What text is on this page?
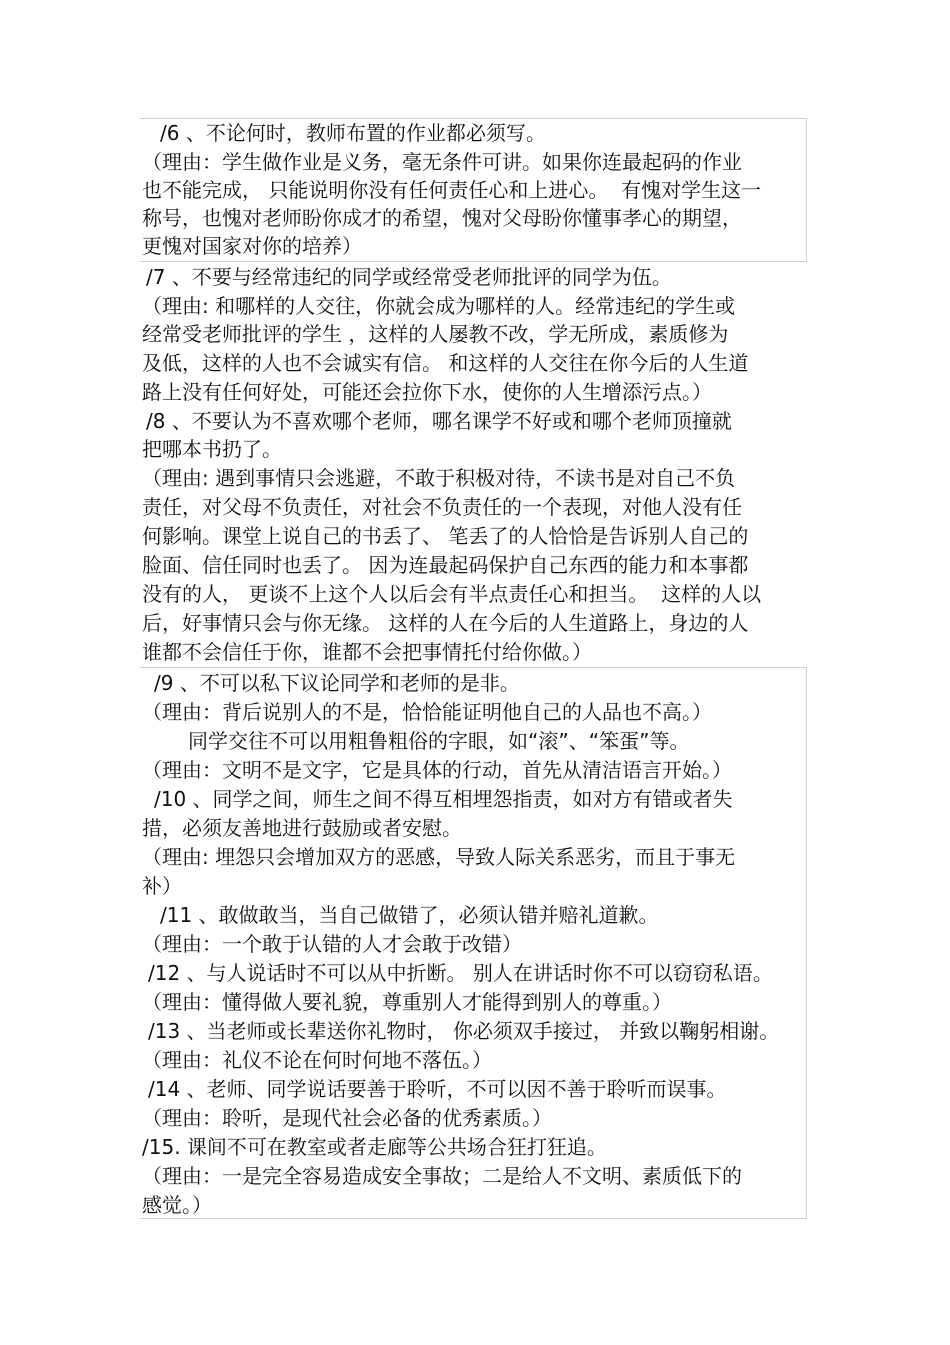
/6 、不论何时，教师布置的作业都必须写。
（理由：学生做作业是义务，毫无条件可讲。如果你连最起码的作业
也不能完成， 只能说明你没有任何责任心和上进心。  有愧对学生这一
称号，也愧对老师盼你成才的希望，愧对父母盼你懂事孝心的期望，
更愧对国家对你的培养）
/7 、不要与经常违纪的同学或经常受老师批评的同学为伍。
（理由: 和哪样的人交往，你就会成为哪样的人。经常违纪的学生或
经常受老师批评的学生 ，这样的人屡教不改，学无所成，素质修为
及低，这样的人也不会诚实有信。 和这样的人交往在你今后的人生道
路上没有任何好处，可能还会拉你下水，使你的人生增添污点。）
/8 、不要认为不喜欢哪个老师，哪名课学不好或和哪个老师顶撞就
把哪本书扔了。
（理由: 遇到事情只会逃避，不敢于积极对待，不读书是对自己不负
责任，对父母不负责任，对社会不负责任的一个表现，对他人没有任
何影响。课堂上说自己的书丢了、 笔丢了的人恰恰是告诉别人自己的
脸面、信任同时也丢了。 因为连最起码保护自己东西的能力和本事都
没有的人， 更谈不上这个人以后会有半点责任心和担当。  这样的人以
后，好事情只会与你无缘。 这样的人在今后的人生道路上，身边的人
谁都不会信任于你，谁都不会把事情托付给你做。）
/9 、不可以私下议论同学和老师的是非。
（理由：背后说别人的不是，恰恰能证明他自己的人品也不高。）
同学交往不可以用粗鲁粗俗的字眼，如“滚”、“笨蛋”等。
（理由：文明不是文字，它是具体的行动，首先从清洁语言开始。）
/10 、同学之间，师生之间不得互相埋怨指责，如对方有错或者失
措，必须友善地进行鼓励或者安慰。
（理由: 埋怨只会增加双方的恶感，导致人际关系恶劣，而且于事无
补）
/11 、敢做敢当，当自己做错了，必须认错并赔礼道歉。
（理由：一个敢于认错的人才会敢于改错）
/12 、与人说话时不可以从中折断。 别人在讲话时你不可以窃窃私语。
（理由：懂得做人要礼貌，尊重别人才能得到别人的尊重。）
/13 、当老师或长辈送你礼物时， 你必须双手接过， 并致以鞠躬相谢。
（理由：礼仪不论在何时何地不落伍。）
/14 、老师、同学说话要善于聆听，不可以因不善于聆听而误事。
（理由：聆听，是现代社会必备的优秀素质。）
/15. 课间不可在教室或者走廊等公共场合狂打狂追。
（理由：一是完全容易造成安全事故；二是给人不文明、素质低下的
感觉。）
